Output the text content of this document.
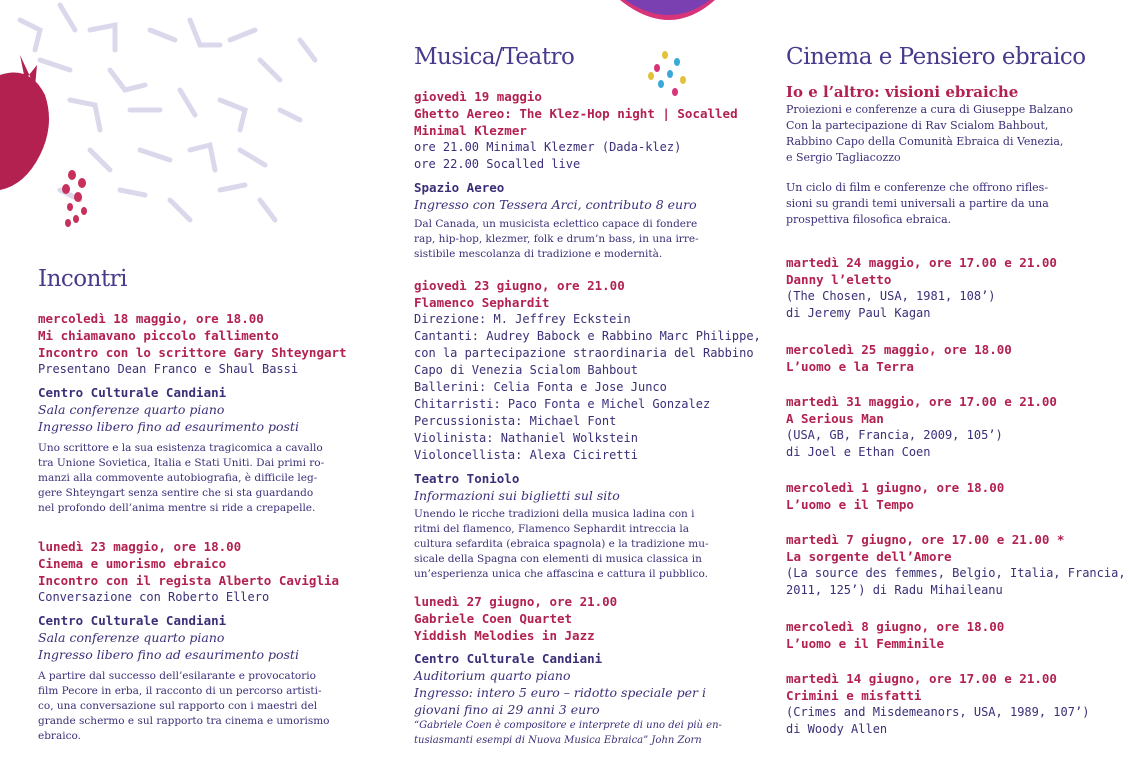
Incontri
mercoledì 18 maggio, ore 18.00
Mi chiamavano piccolo fallimento
Incontro con lo scrittore Gary Shteyngart
Presentano Dean Franco e Shaul Bassi
Centro Culturale Candiani
Sala conferenze quarto piano
Ingresso libero fino ad esaurimento posti
Uno scrittore e la sua esistenza tragicomica a cavallo
tra Unione Sovietica, Italia e Stati Uniti. Dai primi ro-
manzi alla commovente autobiografia, è difficile leg-
gere Shteyngart senza sentire che si sta guardando
nel profondo dell’anima mentre si ride a crepapelle.
lunedì 23 maggio, ore 18.00
Cinema e umorismo ebraico
Incontro con il regista Alberto Caviglia
Conversazione con Roberto Ellero
Centro Culturale Candiani
Sala conferenze quarto piano
Ingresso libero fino ad esaurimento posti
A partire dal successo dell’esilarante e provocatorio
film Pecore in erba, il racconto di un percorso artisti-
co, una conversazione sul rapporto con i maestri del
grande schermo e sul rapporto tra cinema e umorismo
ebraico.
Musica/Teatro
giovedì 19 maggio
Ghetto Aereo: The Klez-Hop night | Socalled
Minimal Klezmer
ore 21.00 Minimal Klezmer (Dada-klez)
ore 22.00 Socalled live
Spazio Aereo
Ingresso con Tessera Arci, contributo 8 euro
Dal Canada, un musicista eclettico capace di fondere
rap, hip-hop, klezmer, folk e drum’n bass, in una irre-
sistibile mescolanza di tradizione e modernità.
giovedì 23 giugno, ore 21.00
Flamenco Sephardit
Direzione: M. Jeffrey Eckstein
Cantanti: Audrey Babock e Rabbino Marc Philippe,
con la partecipazione straordinaria del Rabbino
Capo di Venezia Scialom Bahbout
Ballerini: Celia Fonta e Jose Junco
Chitarristi: Paco Fonta e Michel Gonzalez
Percussionista: Michael Font
Violinista: Nathaniel Wolkstein
Violoncellista: Alexa Ciciretti
Teatro Toniolo
Informazioni sui biglietti sul sito
Unendo le ricche tradizioni della musica ladina con i
ritmi del flamenco, Flamenco Sephardit intreccia la
cultura sefardita (ebraica spagnola) e la tradizione mu-
sicale della Spagna con elementi di musica classica in
un’esperienza unica che affascina e cattura il pubblico.
lunedì 27 giugno, ore 21.00
Gabriele Coen Quartet
Yiddish Melodies in Jazz
Centro Culturale Candiani
Auditorium quarto piano
Ingresso: intero 5 euro – ridotto speciale per i
giovani fino ai 29 anni 3 euro
“Gabriele Coen è compositore e interprete di uno dei più en-
tusiasmanti esempi di Nuova Musica Ebraica” John Zorn
Cinema e Pensiero ebraico
Io e l’altro: visioni ebraiche
Proiezioni e conferenze a cura di Giuseppe Balzano
Con la partecipazione di Rav Scialom Bahbout,
Rabbino Capo della Comunità Ebraica di Venezia,
e Sergio Tagliacozzo
Un ciclo di film e conferenze che offrono rifles-
sioni su grandi temi universali a partire da una
prospettiva filosofica ebraica.
martedì 24 maggio, ore 17.00 e 21.00
Danny l’eletto
(The Chosen, USA, 1981, 108’)
di Jeremy Paul Kagan
mercoledì 25 maggio, ore 18.00
L’uomo e la Terra
martedì 31 maggio, ore 17.00 e 21.00
A Serious Man
(USA, GB, Francia, 2009, 105’)
di Joel e Ethan Coen
mercoledì 1 giugno, ore 18.00
L’uomo e il Tempo
martedì 7 giugno, ore 17.00 e 21.00 *
La sorgente dell’Amore
(La source des femmes, Belgio, Italia, Francia,
2011, 125’) di Radu Mihaileanu
mercoledì 8 giugno, ore 18.00
L’uomo e il Femminile
martedì 14 giugno, ore 17.00 e 21.00
Crimini e misfatti
(Crimes and Misdemeanors, USA, 1989, 107’)
di Woody Allen
